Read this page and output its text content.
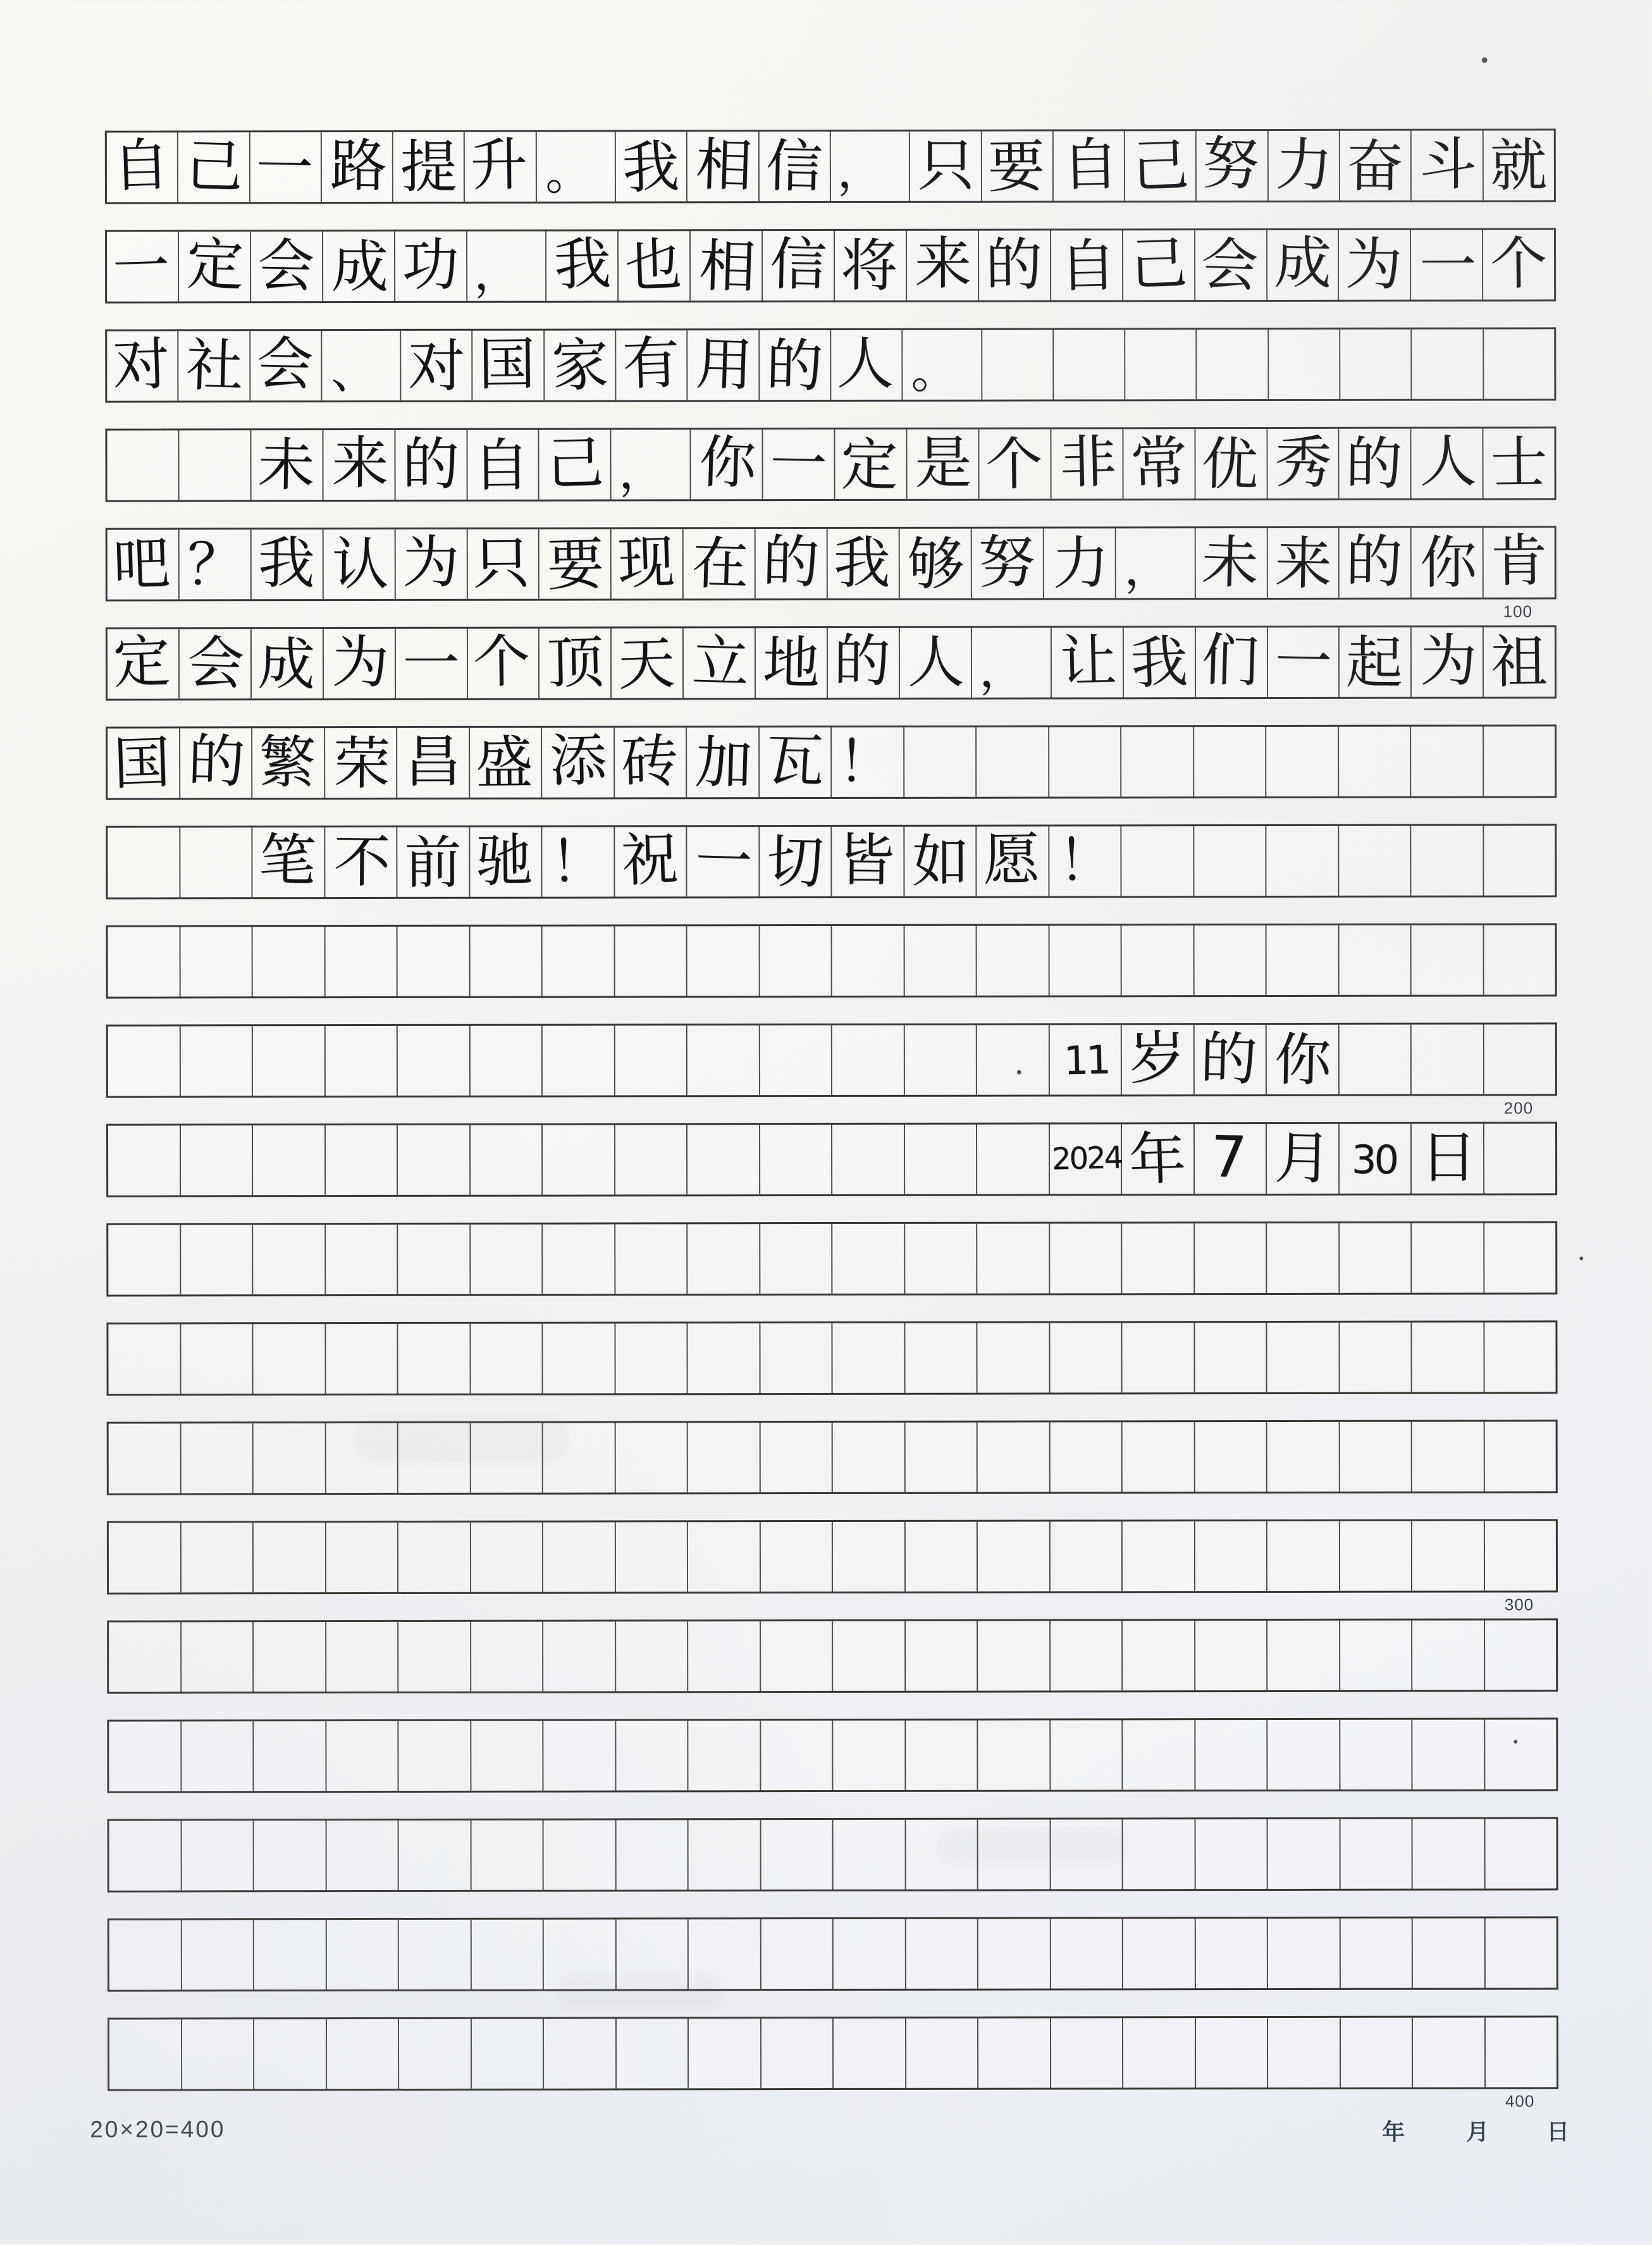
自 己 一 路 提 升 。 我 相 信 ， 只 要 自 己 努 力 奋 斗 就
一 定 会 成 功 ， 我 也 相 信 将 来 的 自 己 会 成 为 一 个
对 社 会 、 对 国 家 有 用 的 人 。
未 来 的 自 己 ， 你 一 定 是 个 非 常 优 秀 的 人 士
吧 ？ 我 认 为 只 要 现 在 的 我 够 努 力 ， 未 来 的 你 肯
定 会 成 为 一 个 顶 天 立 地 的 人 ， 让 我 们 一 起 为 祖
国 的 繁 荣 昌 盛 添 砖 加 瓦 ！
笔 不 前 驰 ！ 祝 一 切 皆 如 愿 ！
11 岁 的 你
2024 年 7 月 30 日
100
200
300
400
20×20=400	年	月	日
